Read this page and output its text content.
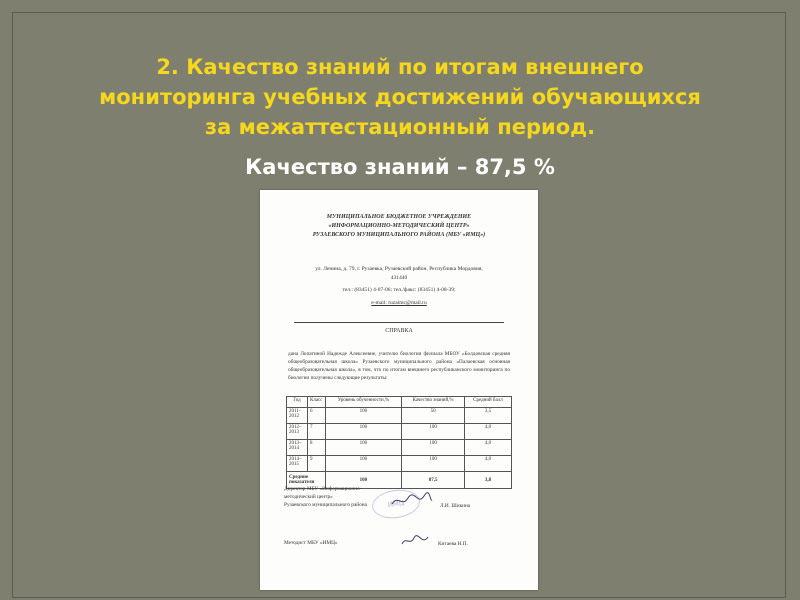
2. Качество знаний по итогам внешнего
мониторинга учебных достижений обучающихся
за межаттестационный период.
Качество знаний – 87,5 %
МУНИЦИПАЛЬНОЕ БЮДЖЕТНОЕ УЧРЕЖДЕНИЕ
«ИНФОРМАЦИОННО-МЕТОДИЧЕСКИЙ ЦЕНТР»
РУЗАЕВСКОГО МУНИЦИПАЛЬНОГО РАЙОНА (МБУ «ИМЦ»)
ул. Ленина, д. 79, г. Рузаевка, Рузаевский район, Республика Мордовия,
431440
тел.: (83451) 4-07-06; тел./факс: (83451) 4-08-39;
e-mail: ruzaimc@mail.ru
СПРАВКА
дана Лопатиной Надежде Алексеевне, учителю биологии филиала МБОУ «Болдовская средняя общеобразовательная школа» Рузаевского муниципального района «Палаевская основная общеобразовательная школа», в том, что по итогам внешнего республиканского мониторинга по биологии получены следующие результаты:
Год	Класс	Уровень обученности,%	Качество знаний,%	Средний балл
2011–2012	6	100	50	3,5
2012–2013	7	100	100	4,0
2013–2014	8	100	100	4,0
2014–2015	9	100	100	4,0
Средние показатели		100	87,5	3,8
Директор МБУ «Информационно-
методический центр»
Рузаевского муниципального района	Л.И. Шикина
ИМЦ
Методист МБУ «ИМЦ»	Китаева Н.П.
